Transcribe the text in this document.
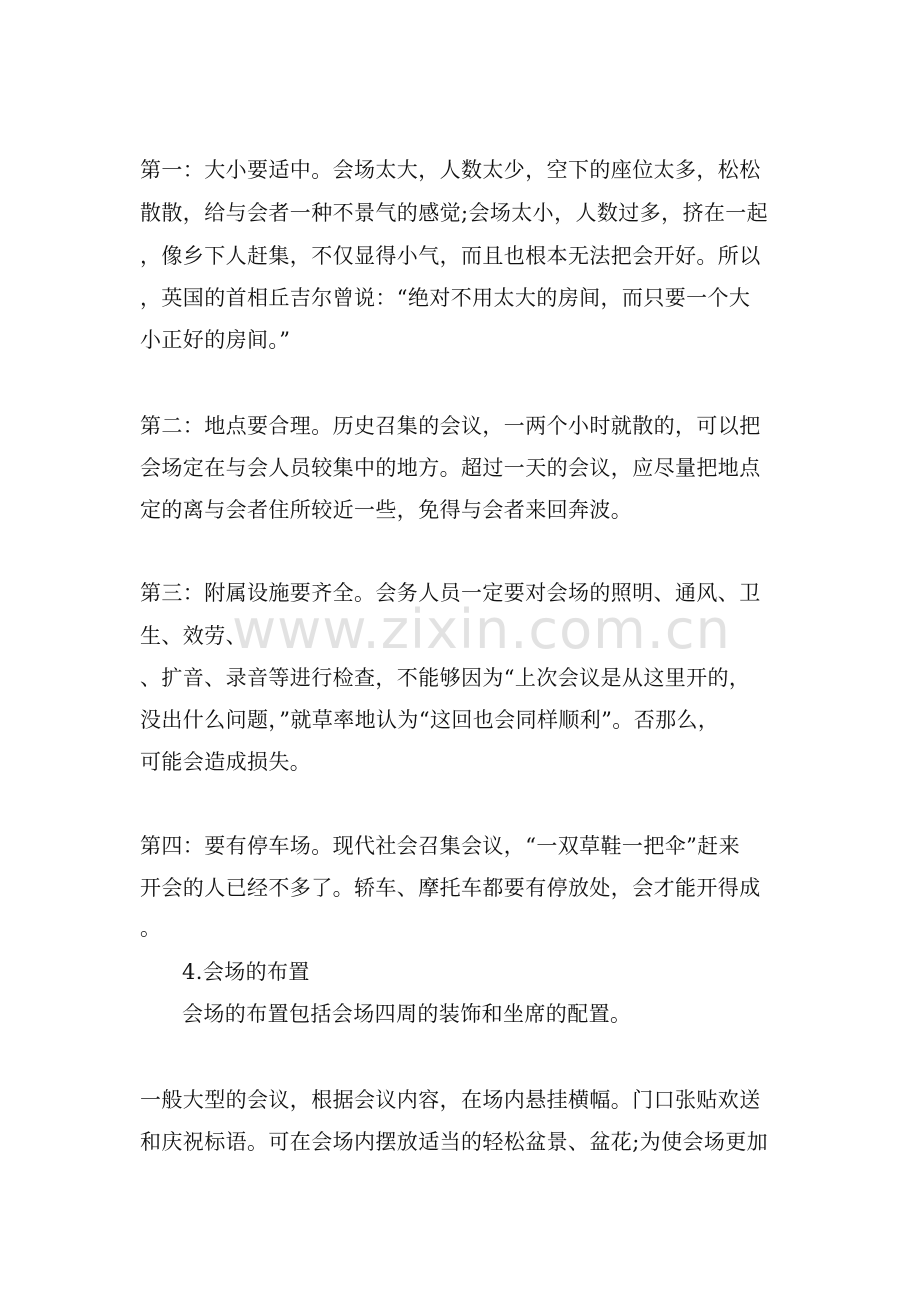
第一：大小要适中。会场太大，人数太少，空下的座位太多，松松
散散，给与会者一种不景气的感觉;会场太小，人数过多，挤在一起
，像乡下人赶集，不仅显得小气，而且也根本无法把会开好。所以
，英国的首相丘吉尔曾说：“绝对不用太大的房间，而只要一个大
小正好的房间。”
第二：地点要合理。历史召集的会议，一两个小时就散的，可以把
会场定在与会人员较集中的地方。超过一天的会议，应尽量把地点
定的离与会者住所较近一些，免得与会者来回奔波。
第三：附属设施要齐全。会务人员一定要对会场的照明、通风、卫
生、效劳、
、扩音、录音等进行检查，不能够因为“上次会议是从这里开的，
没出什么问题，”就草率地认为“这回也会同样顺利”。否那么，
可能会造成损失。
第四：要有停车场。现代社会召集会议，“一双草鞋一把伞”赶来
开会的人已经不多了。轿车、摩托车都要有停放处，会才能开得成
。
4.会场的布置
会场的布置包括会场四周的装饰和坐席的配置。
一般大型的会议，根据会议内容，在场内悬挂横幅。门口张贴欢送
和庆祝标语。可在会场内摆放适当的轻松盆景、盆花;为使会场更加
www.zixin.com.cn
